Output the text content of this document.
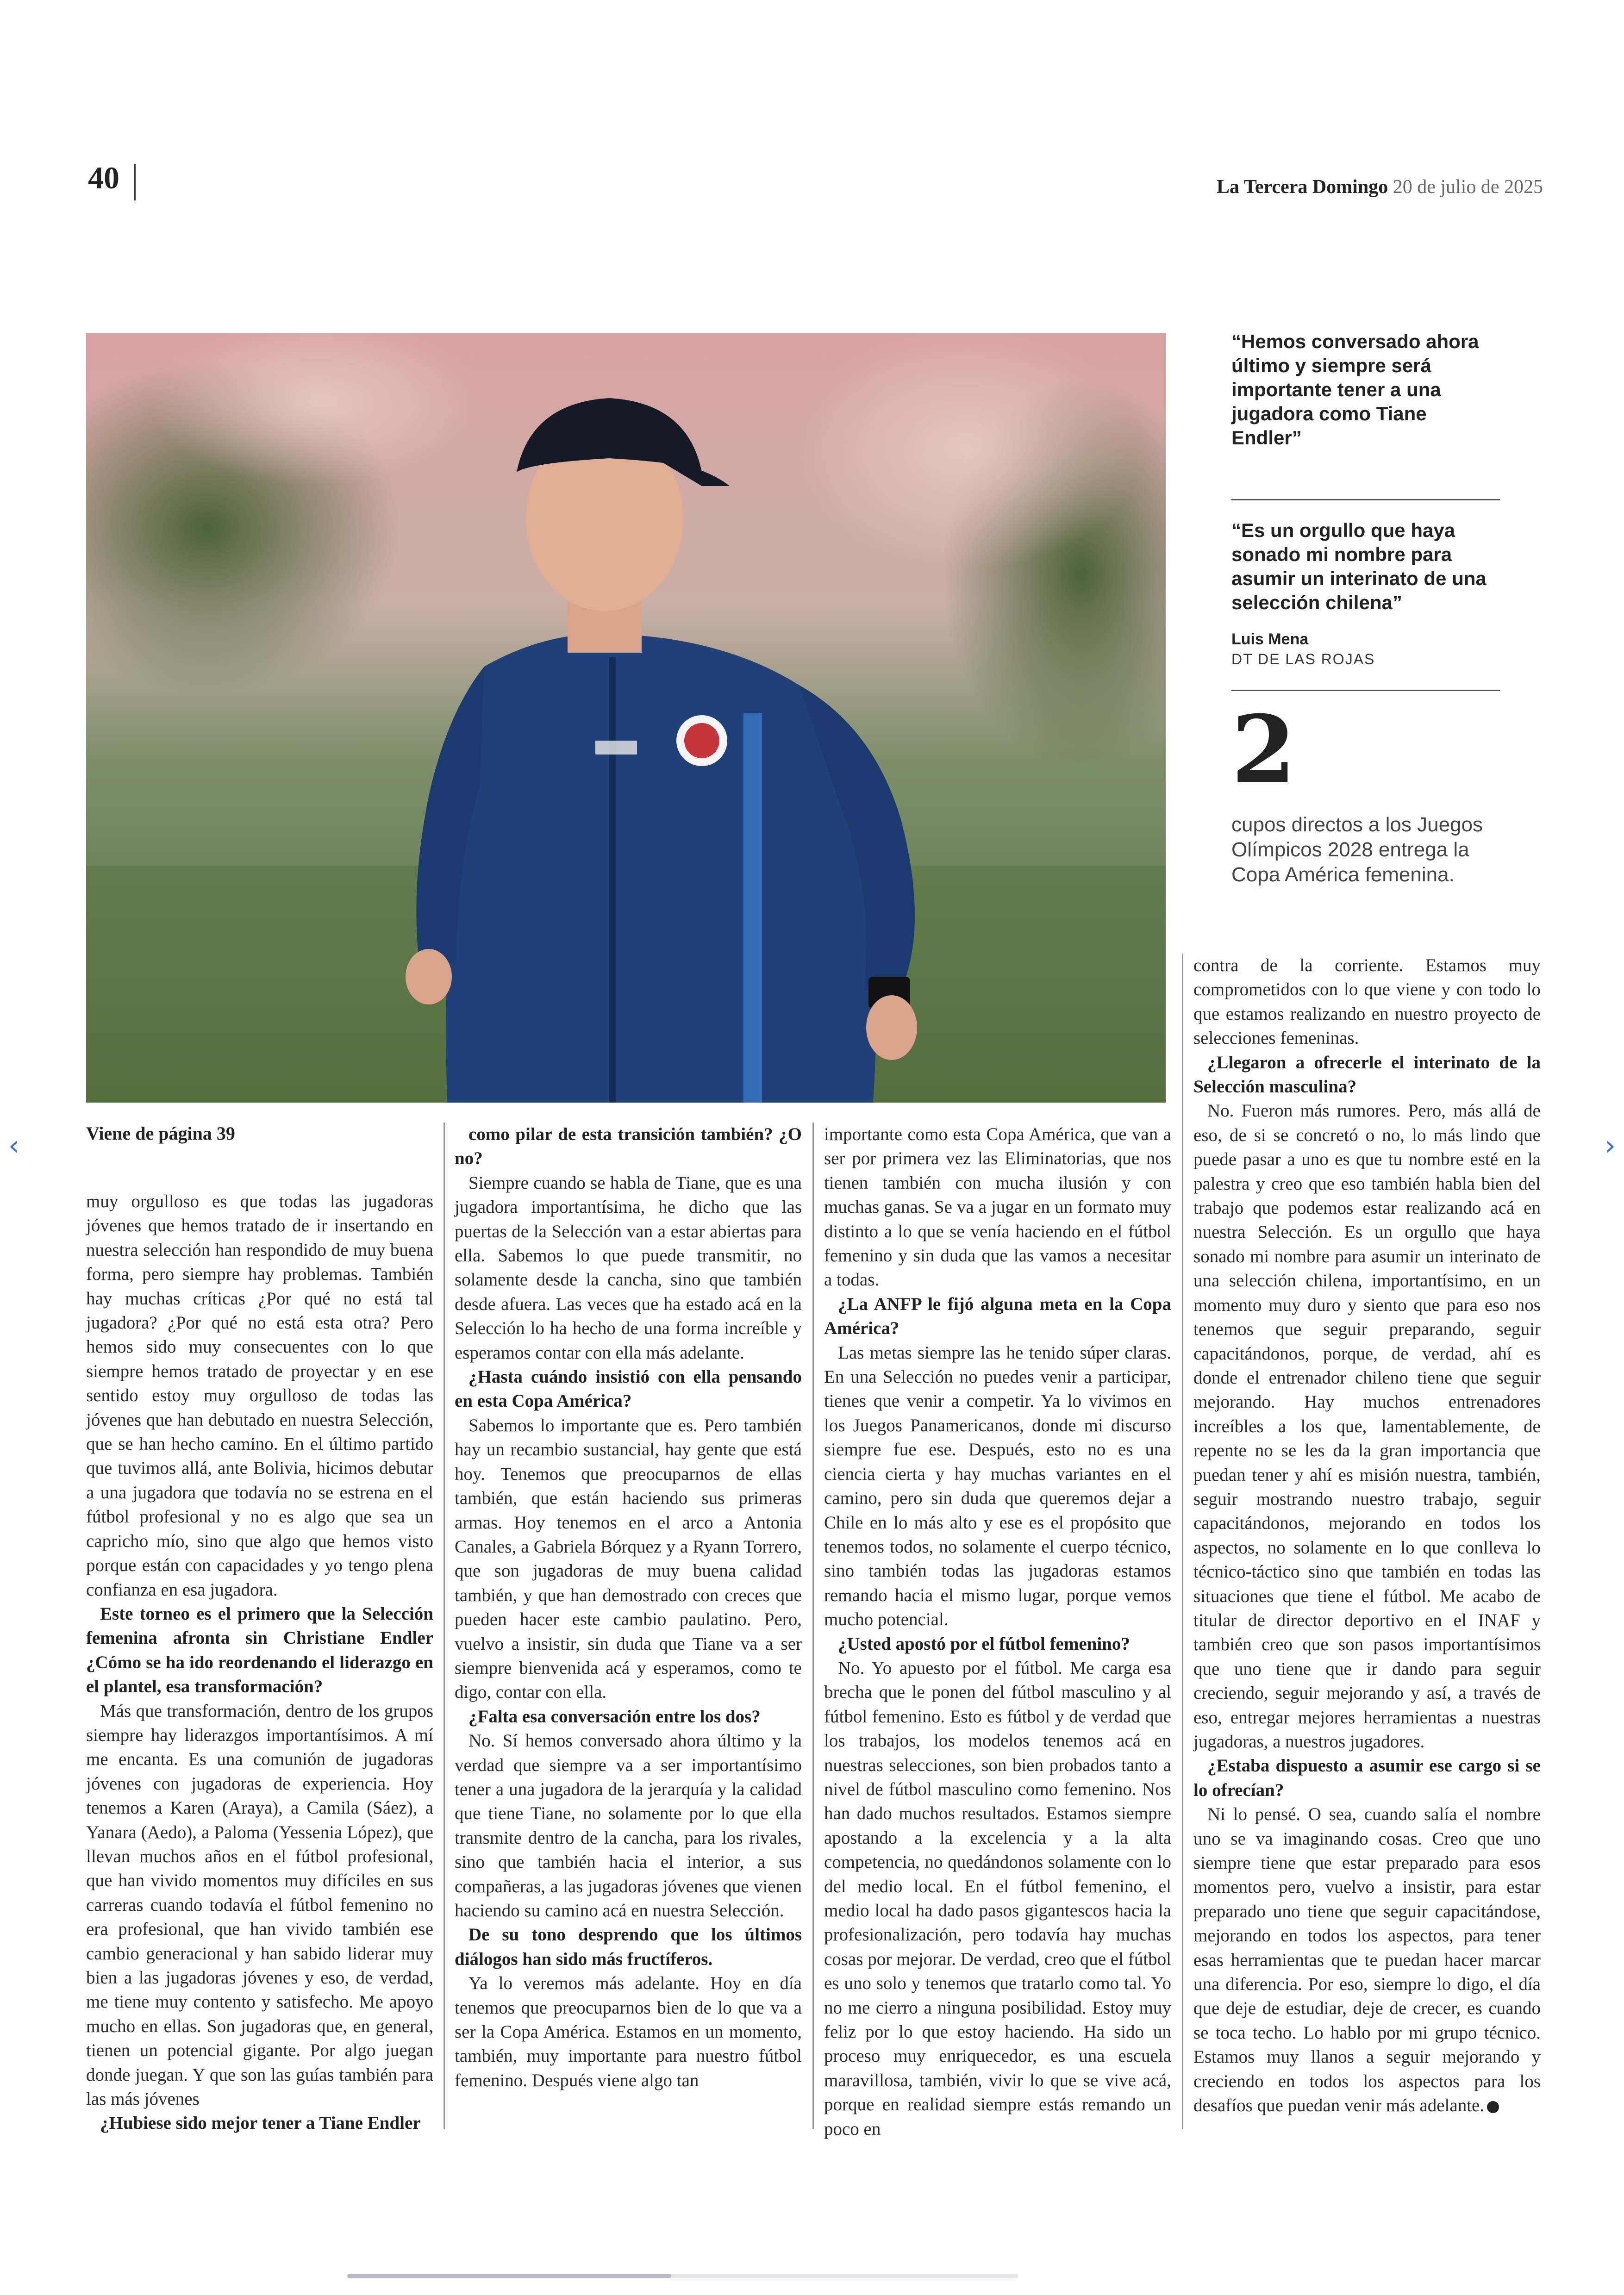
40	La Tercera Domingo 20 de julio de 2025
“Hemos conversado ahora último y siempre será importante tener a una jugadora como Tiane Endler”
“Es un orgullo que haya sonado mi nombre para asumir un interinato de una selección chilena”
Luis Mena
DT DE LAS ROJAS
2
cupos directos a los Juegos Olímpicos 2028 entrega la Copa América femenina.
Viene de página 39

muy orgulloso es que todas las jugadoras jóvenes que hemos tratado de ir insertando en nuestra selección han respondido de muy buena forma, pero siempre hay problemas. También hay muchas críticas ¿Por qué no está tal jugadora? ¿Por qué no está esta otra? Pero hemos sido muy consecuentes con lo que siempre hemos tratado de proyectar y en ese sentido estoy muy orgulloso de todas las jóvenes que han debutado en nuestra Selección, que se han hecho camino. En el último partido que tuvimos allá, ante Bolivia, hicimos debutar a una jugadora que todavía no se estrena en el fútbol profesional y no es algo que sea un capricho mío, sino que algo que hemos visto porque están con capacidades y yo tengo plena confianza en esa jugadora.

Este torneo es el primero que la Selección femenina afronta sin Christiane Endler ¿Cómo se ha ido reordenando el liderazgo en el plantel, esa transformación?

Más que transformación, dentro de los grupos siempre hay liderazgos importantísimos. A mí me encanta. Es una comunión de jugadoras jóvenes con jugadoras de experiencia. Hoy tenemos a Karen (Araya), a Camila (Sáez), a Yanara (Aedo), a Paloma (Yessenia López), que llevan muchos años en el fútbol profesional, que han vivido momentos muy difíciles en sus carreras cuando todavía el fútbol femenino no era profesional, que han vivido también ese cambio generacional y han sabido liderar muy bien a las jugadoras jóvenes y eso, de verdad, me tiene muy contento y satisfecho. Me apoyo mucho en ellas. Son jugadoras que, en general, tienen un potencial gigante. Por algo juegan donde juegan. Y que son las guías también para las más jóvenes

¿Hubiese sido mejor tener a Tiane Endler

como pilar de esta transición también? ¿O no?

Siempre cuando se habla de Tiane, que es una jugadora importantísima, he dicho que las puertas de la Selección van a estar abiertas para ella. Sabemos lo que puede transmitir, no solamente desde la cancha, sino que también desde afuera. Las veces que ha estado acá en la Selección lo ha hecho de una forma increíble y esperamos contar con ella más adelante.

¿Hasta cuándo insistió con ella pensando en esta Copa América?

Sabemos lo importante que es. Pero también hay un recambio sustancial, hay gente que está hoy. Tenemos que preocuparnos de ellas también, que están haciendo sus primeras armas. Hoy tenemos en el arco a Antonia Canales, a Gabriela Bórquez y a Ryann Torrero, que son jugadoras de muy buena calidad también, y que han demostrado con creces que pueden hacer este cambio paulatino. Pero, vuelvo a insistir, sin duda que Tiane va a ser siempre bienvenida acá y esperamos, como te digo, contar con ella.

¿Falta esa conversación entre los dos?

No. Sí hemos conversado ahora último y la verdad que siempre va a ser importantísimo tener a una jugadora de la jerarquía y la calidad que tiene Tiane, no solamente por lo que ella transmite dentro de la cancha, para los rivales, sino que también hacia el interior, a sus compañeras, a las jugadoras jóvenes que vienen haciendo su camino acá en nuestra Selección.

De su tono desprendo que los últimos diálogos han sido más fructíferos.

Ya lo veremos más adelante. Hoy en día tenemos que preocuparnos bien de lo que va a ser la Copa América. Estamos en un momento, también, muy importante para nuestro fútbol femenino. Después viene algo tan

importante como esta Copa América, que van a ser por primera vez las Eliminatorias, que nos tienen también con mucha ilusión y con muchas ganas. Se va a jugar en un formato muy distinto a lo que se venía haciendo en el fútbol femenino y sin duda que las vamos a necesitar a todas.

¿La ANFP le fijó alguna meta en la Copa América?

Las metas siempre las he tenido súper claras. En una Selección no puedes venir a participar, tienes que venir a competir. Ya lo vivimos en los Juegos Panamericanos, donde mi discurso siempre fue ese. Después, esto no es una ciencia cierta y hay muchas variantes en el camino, pero sin duda que queremos dejar a Chile en lo más alto y ese es el propósito que tenemos todos, no solamente el cuerpo técnico, sino también todas las jugadoras estamos remando hacia el mismo lugar, porque vemos mucho potencial.

¿Usted apostó por el fútbol femenino?

No. Yo apuesto por el fútbol. Me carga esa brecha que le ponen del fútbol masculino y al fútbol femenino. Esto es fútbol y de verdad que los trabajos, los modelos tenemos acá en nuestras selecciones, son bien probados tanto a nivel de fútbol masculino como femenino. Nos han dado muchos resultados. Estamos siempre apostando a la excelencia y a la alta competencia, no quedándonos solamente con lo del medio local. En el fútbol femenino, el medio local ha dado pasos gigantescos hacia la profesionalización, pero todavía hay muchas cosas por mejorar. De verdad, creo que el fútbol es uno solo y tenemos que tratarlo como tal. Yo no me cierro a ninguna posibilidad. Estoy muy feliz por lo que estoy haciendo. Ha sido un proceso muy enriquecedor, es una escuela maravillosa, también, vivir lo que se vive acá, porque en realidad siempre estás remando un poco en

contra de la corriente. Estamos muy comprometidos con lo que viene y con todo lo que estamos realizando en nuestro proyecto de selecciones femeninas.

¿Llegaron a ofrecerle el interinato de la Selección masculina?

No. Fueron más rumores. Pero, más allá de eso, de si se concretó o no, lo más lindo que puede pasar a uno es que tu nombre esté en la palestra y creo que eso también habla bien del trabajo que podemos estar realizando acá en nuestra Selección. Es un orgullo que haya sonado mi nombre para asumir un interinato de una selección chilena, importantísimo, en un momento muy duro y siento que para eso nos tenemos que seguir preparando, seguir capacitándonos, porque, de verdad, ahí es donde el entrenador chileno tiene que seguir mejorando. Hay muchos entrenadores increíbles a los que, lamentablemente, de repente no se les da la gran importancia que puedan tener y ahí es misión nuestra, también, seguir mostrando nuestro trabajo, seguir capacitándonos, mejorando en todos los aspectos, no solamente en lo que conlleva lo técnico-táctico sino que también en todas las situaciones que tiene el fútbol. Me acabo de titular de director deportivo en el INAF y también creo que son pasos importantísimos que uno tiene que ir dando para seguir creciendo, seguir mejorando y así, a través de eso, entregar mejores herramientas a nuestras jugadoras, a nuestros jugadores.

¿Estaba dispuesto a asumir ese cargo si se lo ofrecían?

Ni lo pensé. O sea, cuando salía el nombre uno se va imaginando cosas. Creo que uno siempre tiene que estar preparado para esos momentos pero, vuelvo a insistir, para estar preparado uno tiene que seguir capacitándose, mejorando en todos los aspectos, para tener esas herramientas que te puedan hacer marcar una diferencia. Por eso, siempre lo digo, el día que deje de estudiar, deje de crecer, es cuando se toca techo. Lo hablo por mi grupo técnico. Estamos muy llanos a seguir mejorando y creciendo en todos los aspectos para los desafíos que puedan venir más adelante.

‹	›
